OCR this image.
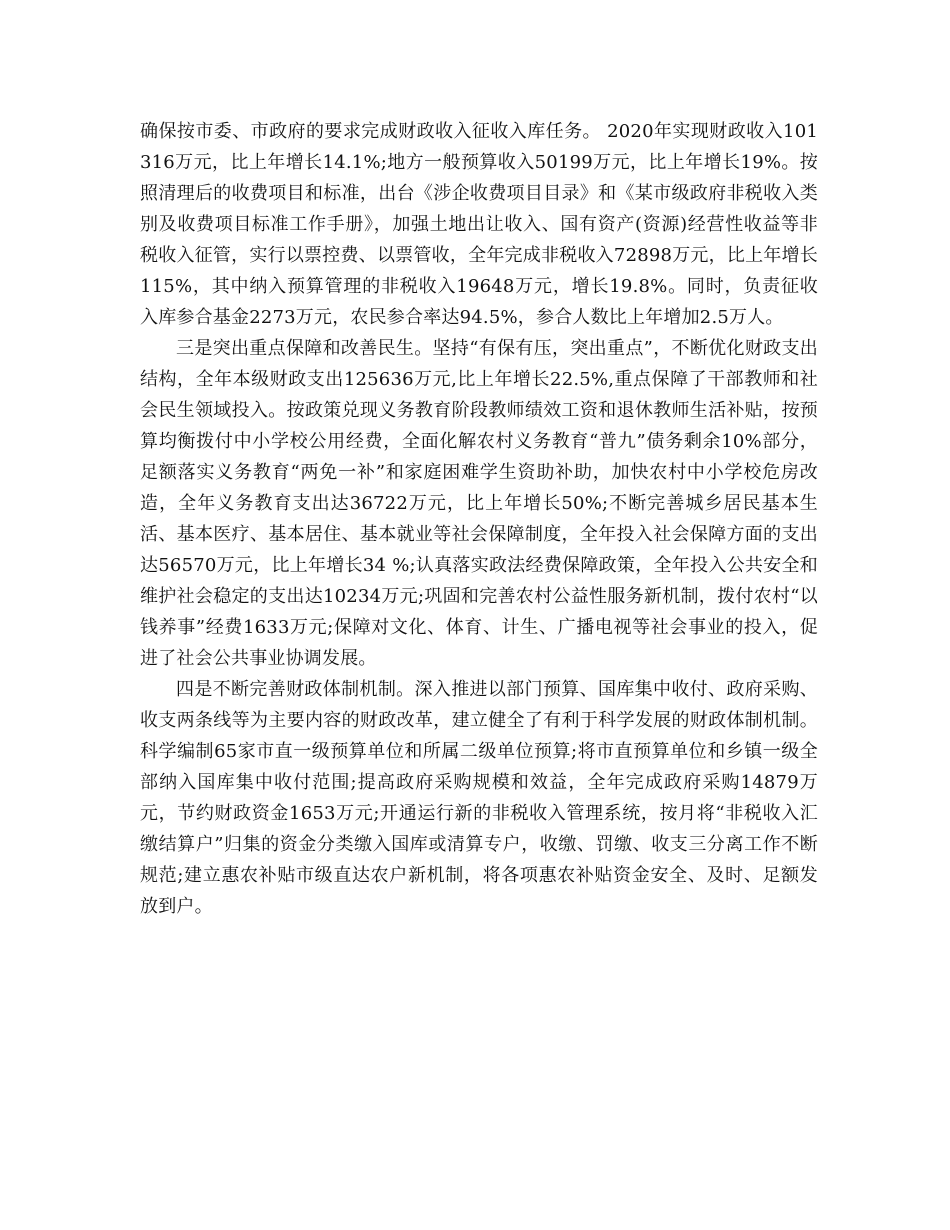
确保按市委、市政府的要求完成财政收入征收入库任务。 2020年实现财政收入101316万元，比上年增长14.1%;地方一般预算收入50199万元，比上年增长19%。按照清理后的收费项目和标准，出台《涉企收费项目目录》和《某市级政府非税收入类别及收费项目标准工作手册》，加强土地出让收入、国有资产(资源)经营性收益等非税收入征管，实行以票控费、以票管收，全年完成非税收入72898万元，比上年增长115%，其中纳入预算管理的非税收入19648万元，增长19.8%。同时，负责征收入库参合基金2273万元，农民参合率达94.5%，参合人数比上年增加2.5万人。

三是突出重点保障和改善民生。坚持“有保有压，突出重点”，不断优化财政支出结构，全年本级财政支出125636万元,比上年增长22.5%,重点保障了干部教师和社会民生领域投入。按政策兑现义务教育阶段教师绩效工资和退休教师生活补贴，按预算均衡拨付中小学校公用经费，全面化解农村义务教育“普九”债务剩余10%部分，足额落实义务教育“两免一补”和家庭困难学生资助补助，加快农村中小学校危房改造，全年义务教育支出达36722万元，比上年增长50%;不断完善城乡居民基本生活、基本医疗、基本居住、基本就业等社会保障制度，全年投入社会保障方面的支出达56570万元，比上年增长34 %;认真落实政法经费保障政策，全年投入公共安全和维护社会稳定的支出达10234万元;巩固和完善农村公益性服务新机制，拨付农村“以钱养事”经费1633万元;保障对文化、体育、计生、广播电视等社会事业的投入，促进了社会公共事业协调发展。

四是不断完善财政体制机制。深入推进以部门预算、国库集中收付、政府采购、收支两条线等为主要内容的财政改革，建立健全了有利于科学发展的财政体制机制。科学编制65家市直一级预算单位和所属二级单位预算;将市直预算单位和乡镇一级全部纳入国库集中收付范围;提高政府采购规模和效益，全年完成政府采购14879万元，节约财政资金1653万元;开通运行新的非税收入管理系统，按月将“非税收入汇缴结算户”归集的资金分类缴入国库或清算专户，收缴、罚缴、收支三分离工作不断规范;建立惠农补贴市级直达农户新机制，将各项惠农补贴资金安全、及时、足额发放到户。
